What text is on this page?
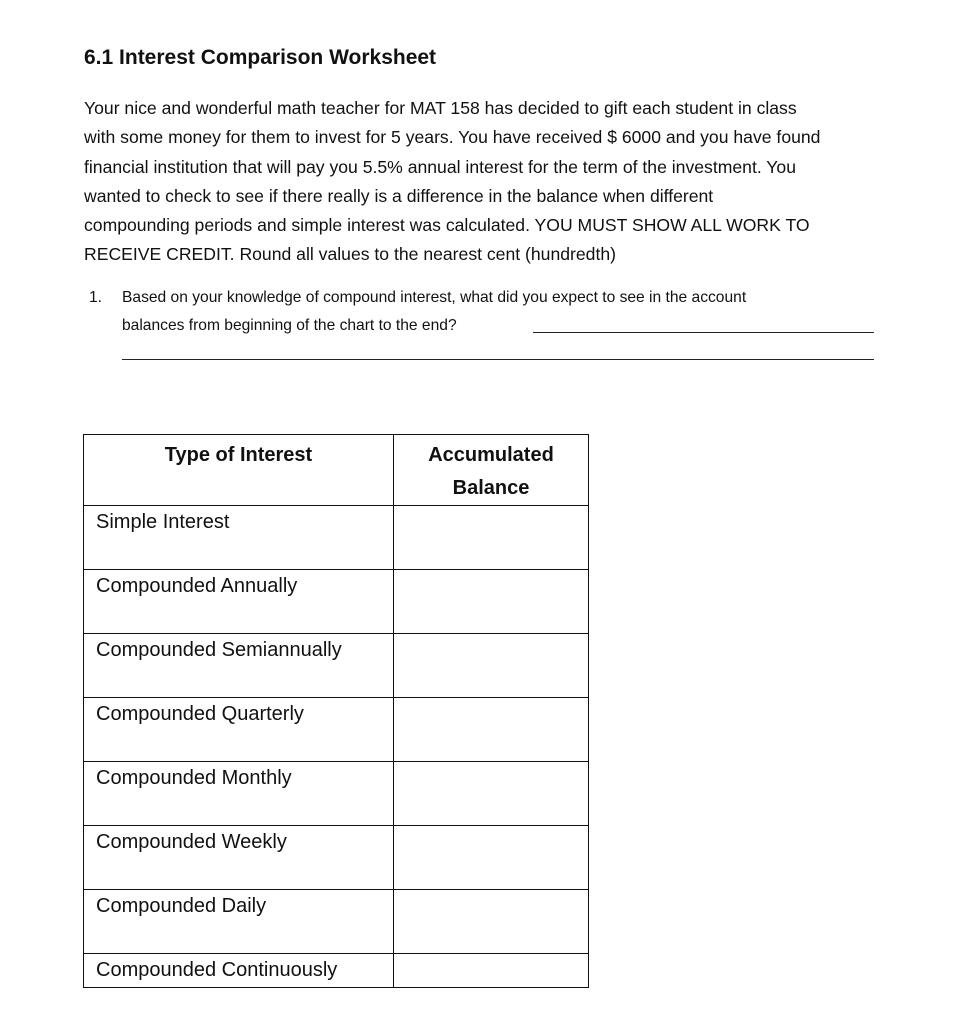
6.1 Interest Comparison Worksheet

Your nice and wonderful math teacher for MAT 158 has decided to gift each student in class
with some money for them to invest for 5 years. You have received $ 6000 and you have found
financial institution that will pay you 5.5% annual interest for the term of the investment. You
wanted to check to see if there really is a difference in the balance when different
compounding periods and simple interest was calculated. YOU MUST SHOW ALL WORK TO
RECEIVE CREDIT. Round all values to the nearest cent (hundredth)

1. Based on your knowledge of compound interest, what did you expect to see in the account
balances from beginning of the chart to the end?
Type of Interest	Accumulated Balance
Simple Interest	
Compounded Annually	
Compounded Semiannually	
Compounded Quarterly	
Compounded Monthly	
Compounded Weekly	
Compounded Daily	
Compounded Continuously	
